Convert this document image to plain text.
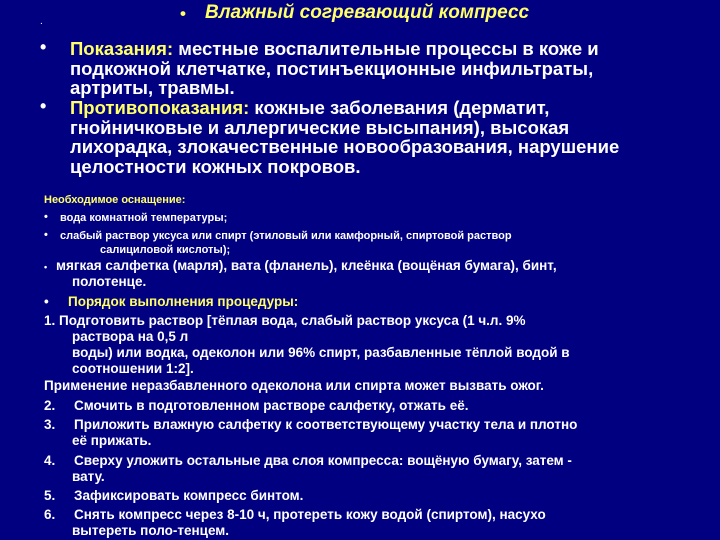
.	• Влажный согревающий компресс
• Показания: местные воспалительные процессы в коже и
подкожной клетчатке, постинъекционные инфильтраты,
артриты, травмы.
• Противопоказания: кожные заболевания (дерматит,
гнойничковые и аллергические высыпания), высокая
лихорадка, злокачественные новообразования, нарушение
целостности кожных покровов.
Необходимое оснащение:
• вода комнатной температуры;
• слабый раствор уксуса или спирт (этиловый или камфорный, спиртовой раствор
салициловой кислоты);
• мягкая салфетка (марля), вата (фланель), клеёнка (вощёная бумага), бинт,
полотенце.
• Порядок выполнения процедуры:
1. Подготовить раствор [тёплая вода, слабый раствор уксуса (1 ч.л. 9%
раствора на 0,5 л
воды) или водка, одеколон или 96% спирт, разбавленные тёплой водой в
соотношении 1:2].
Применение неразбавленного одеколона или спирта может вызвать ожог.
2. Смочить в подготовленном растворе салфетку, отжать её.
3. Приложить влажную салфетку к соответствующему участку тела и плотно
её прижать.
4. Сверху уложить остальные два слоя компресса: вощёную бумагу, затем -
вату.
5. Зафиксировать компресс бинтом.
6. Снять компресс через 8-10 ч, протереть кожу водой (спиртом), насухо
вытереть поло-тенцем.
